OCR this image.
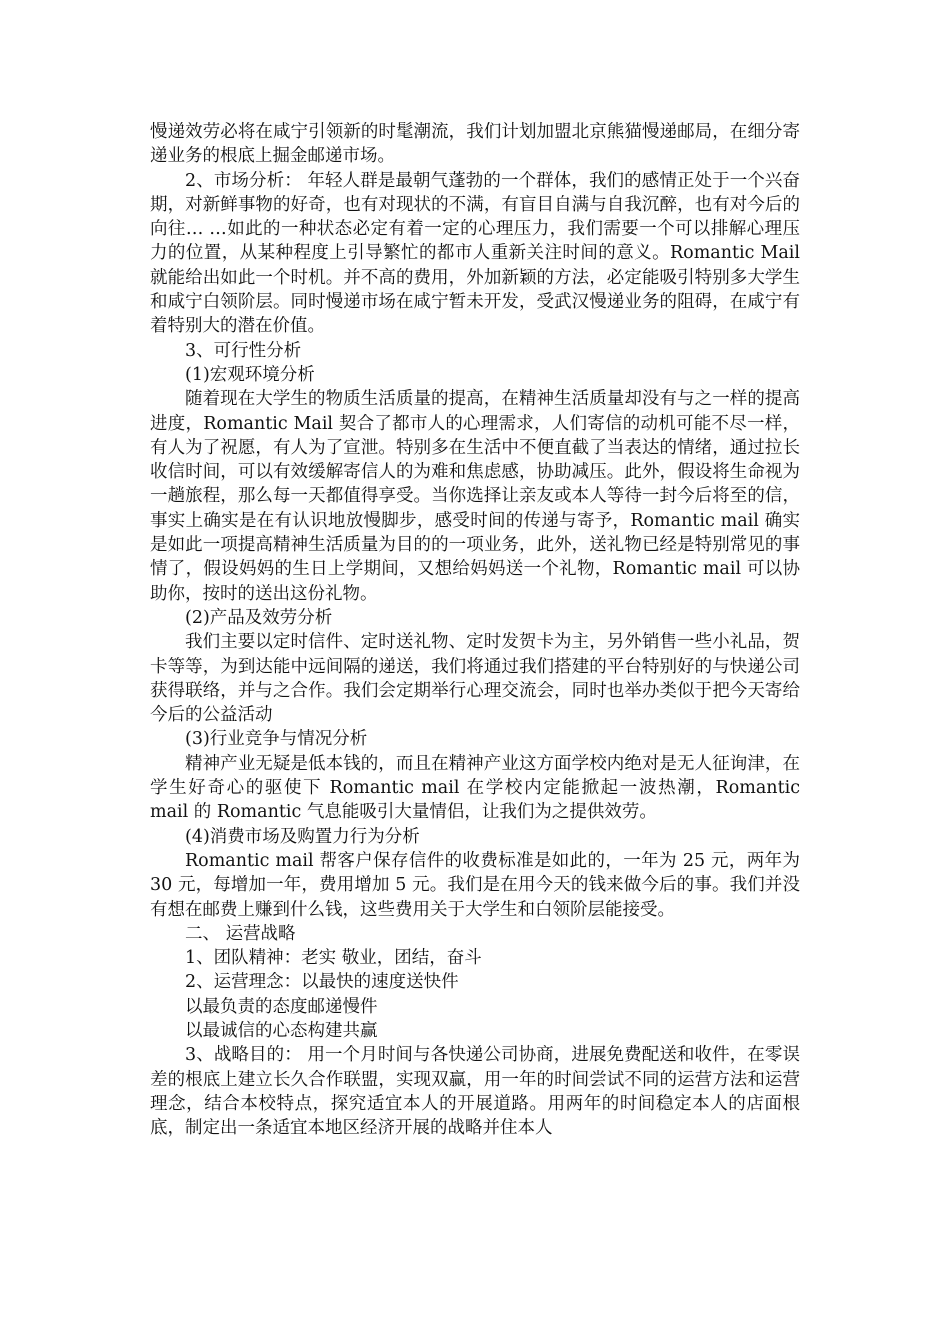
慢递效劳必将在咸宁引领新的时髦潮流，我们计划加盟北京熊猫慢递邮局，在细分寄递业务的根底上掘金邮递市场。

2、市场分析： 年轻人群是最朝气蓬勃的一个群体，我们的感情正处于一个兴奋期，对新鲜事物的好奇，也有对现状的不满，有盲目自满与自我沉醉，也有对今后的向往… …如此的一种状态必定有着一定的心理压力，我们需要一个可以排解心理压力的位置，从某种程度上引导繁忙的都市人重新关注时间的意义。Romantic Mail 就能给出如此一个时机。并不高的费用，外加新颖的方法，必定能吸引特别多大学生和咸宁白领阶层。同时慢递市场在咸宁暂未开发，受武汉慢递业务的阻碍，在咸宁有着特别大的潜在价值。

3、可行性分析

(1)宏观环境分析

随着现在大学生的物质生活质量的提高，在精神生活质量却没有与之一样的提高进度，Romantic Mail 契合了都市人的心理需求，人们寄信的动机可能不尽一样，有人为了祝愿，有人为了宣泄。特别多在生活中不便直截了当表达的情绪，通过拉长收信时间，可以有效缓解寄信人的为难和焦虑感，协助减压。此外，假设将生命视为一趟旅程，那么每一天都值得享受。当你选择让亲友或本人等待一封今后将至的信，事实上确实是在有认识地放慢脚步，感受时间的传递与寄予，Romantic mail 确实是如此一项提高精神生活质量为目的的一项业务，此外，送礼物已经是特别常见的事情了，假设妈妈的生日上学期间，又想给妈妈送一个礼物，Romantic mail 可以协助你，按时的送出这份礼物。

(2)产品及效劳分析

我们主要以定时信件、定时送礼物、定时发贺卡为主，另外销售一些小礼品，贺卡等等，为到达能中远间隔的递送，我们将通过我们搭建的平台特别好的与快递公司获得联络，并与之合作。我们会定期举行心理交流会，同时也举办类似于把今天寄给今后的公益活动

(3)行业竞争与情况分析

精神产业无疑是低本钱的，而且在精神产业这方面学校内绝对是无人征询津，在学生好奇心的驱使下 Romantic mail 在学校内定能掀起一波热潮，Romantic mail 的 Romantic 气息能吸引大量情侣，让我们为之提供效劳。

(4)消费市场及购置力行为分析

Romantic mail 帮客户保存信件的收费标准是如此的，一年为 25 元，两年为 30 元，每增加一年，费用增加 5 元。我们是在用今天的钱来做今后的事。我们并没有想在邮费上赚到什么钱，这些费用关于大学生和白领阶层能接受。

二、 运营战略

1、团队精神：老实 敬业，团结，奋斗

2、运营理念：以最快的速度送快件

以最负责的态度邮递慢件

以最诚信的心态构建共赢

3、战略目的： 用一个月时间与各快递公司协商，进展免费配送和收件，在零误差的根底上建立长久合作联盟，实现双赢，用一年的时间尝试不同的运营方法和运营理念，结合本校特点，探究适宜本人的开展道路。用两年的时间稳定本人的店面根底，制定出一条适宜本地区经济开展的战略并住本人
